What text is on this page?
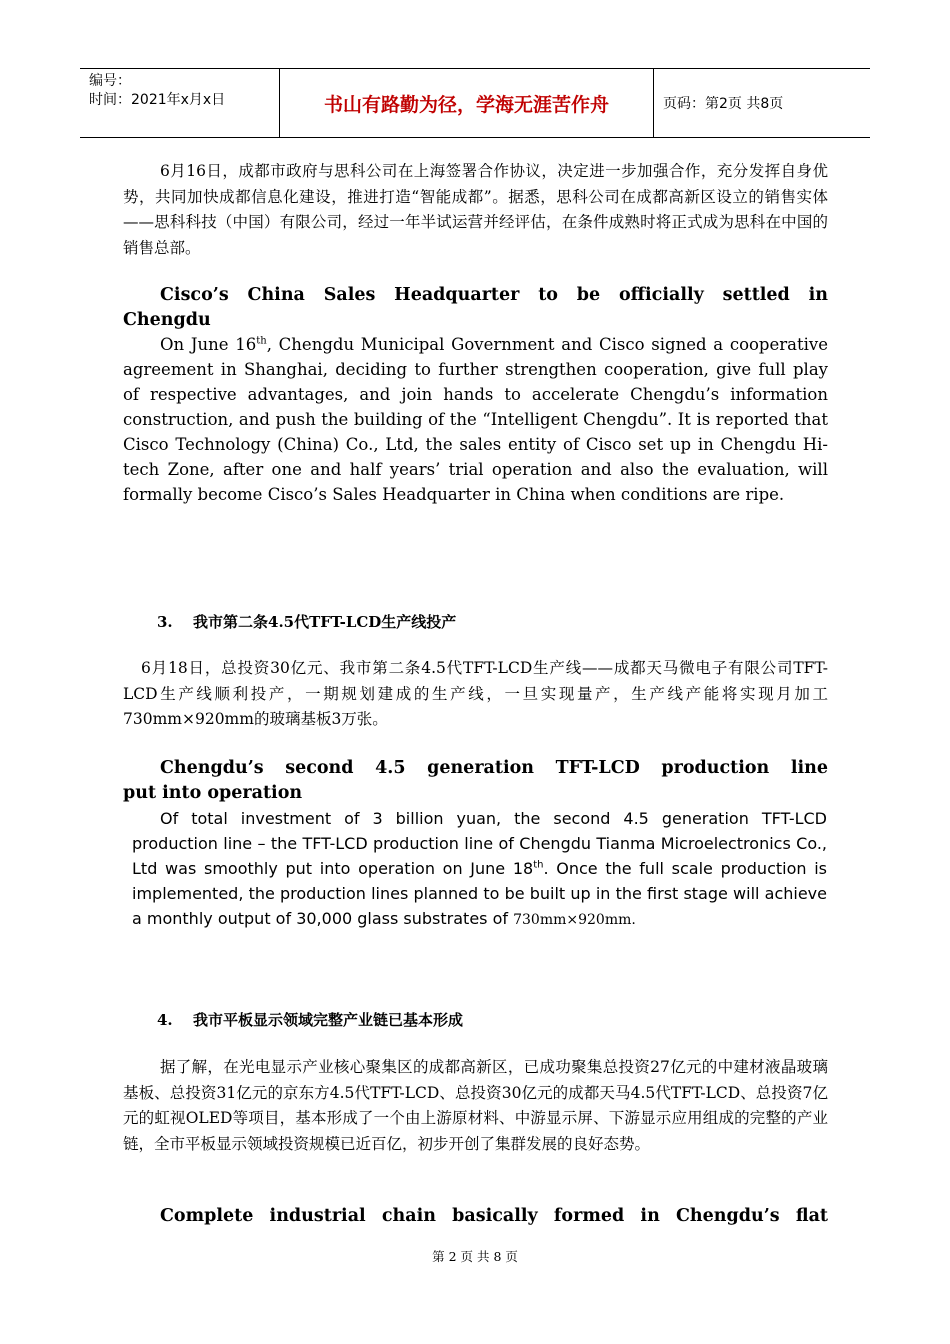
编号：
时间：2021年x月x日	书山有路勤为径，学海无涯苦作舟	页码：第2页 共8页
6月16日，成都市政府与思科公司在上海签署合作协议，决定进一步加强合作，充分发挥自身优势，共同加快成都信息化建设，推进打造“智能成都”。据悉，思科公司在成都高新区设立的销售实体——思科科技（中国）有限公司，经过一年半试运营并经评估，在条件成熟时将正式成为思科在中国的销售总部。
Cisco’s China Sales Headquarter to be officially settled in
Chengdu
On June 16th, Chengdu Municipal Government and Cisco signed a cooperative agreement in Shanghai, deciding to further strengthen cooperation, give full play of respective advantages, and join hands to accelerate Chengdu’s information construction, and push the building of the “Intelligent Chengdu”. It is reported that Cisco Technology (China) Co., Ltd, the sales entity of Cisco set up in Chengdu Hi-tech Zone, after one and half years’ trial operation and also the evaluation, will formally become Cisco’s Sales Headquarter in China when conditions are ripe.
3. 我市第二条4.5代TFT-LCD生产线投产
6月18日，总投资30亿元、我市第二条4.5代TFT-LCD生产线——成都天马微电子有限公司TFT-LCD生产线顺利投产，一期规划建成的生产线，一旦实现量产，生产线产能将实现月加工730mm×920mm的玻璃基板3万张。
Chengdu’s second 4.5 generation TFT-LCD production line
put into operation
Of total investment of 3 billion yuan, the second 4.5 generation TFT-LCD production line – the TFT-LCD production line of Chengdu Tianma Microelectronics Co., Ltd was smoothly put into operation on June 18th. Once the full scale production is implemented, the production lines planned to be built up in the first stage will achieve a monthly output of 30,000 glass substrates of 730mm×920mm.
4. 我市平板显示领域完整产业链已基本形成
据了解，在光电显示产业核心聚集区的成都高新区，已成功聚集总投资27亿元的中建材液晶玻璃基板、总投资31亿元的京东方4.5代TFT-LCD、总投资30亿元的成都天马4.5代TFT-LCD、总投资7亿元的虹视OLED等项目，基本形成了一个由上游原材料、中游显示屏、下游显示应用组成的完整的产业链，全市平板显示领域投资规模已近百亿，初步开创了集群发展的良好态势。
Complete industrial chain basically formed in Chengdu’s flat
第 2 页 共 8 页
